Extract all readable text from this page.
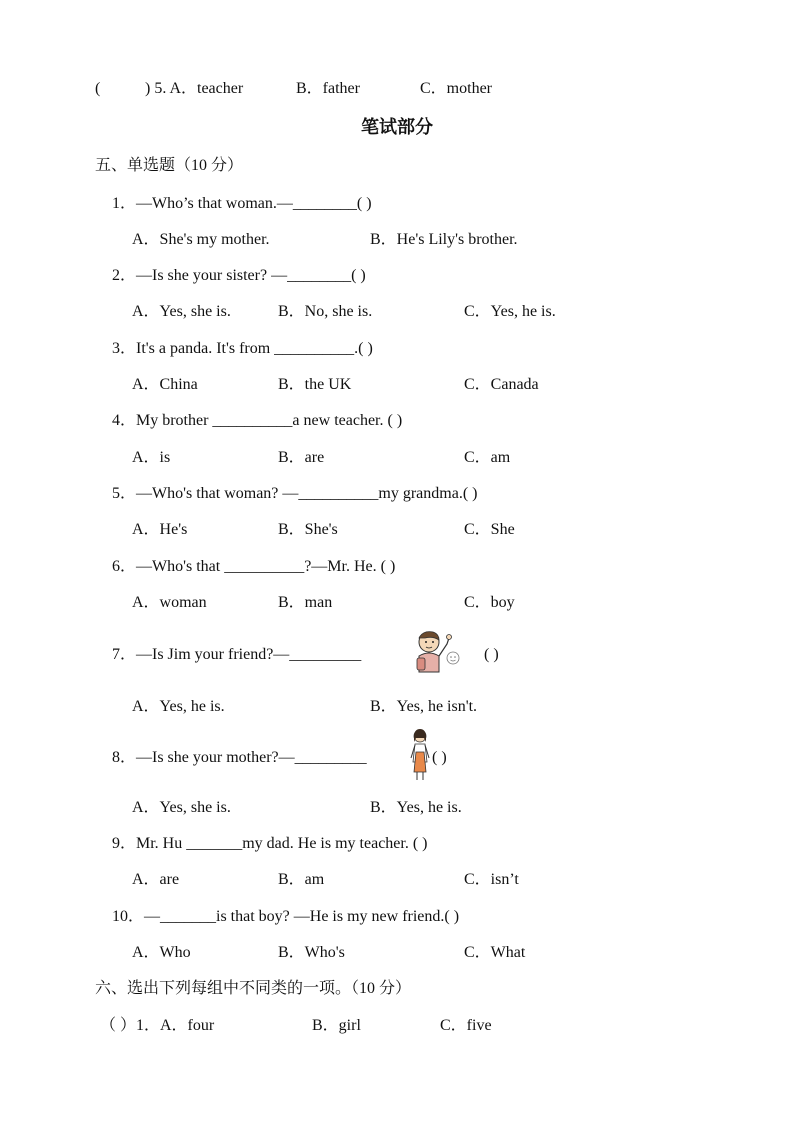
(	) 5. A．teacher	B．father	C．mother
笔试部分
五、单选题（10 分）
1．—Who’s that woman.—________( )
A．She's my mother.	B．He's Lily's brother.
2．—Is she your sister? —________( )
A．Yes, she is.	B．No, she is.	C．Yes, he is.
3．It's a panda. It's from __________.( )
A．China	B．the UK	C．Canada
4．My brother __________a new teacher. ( )
A．is	B．are	C．am
5．—Who's that woman? —__________my grandma.( )
A．He's	B．She's	C．She
6．—Who's that __________?—Mr. He. ( )
A．woman	B．man	C．boy
7．—Is Jim your friend?—_________	( )
A．Yes, he is.	B．Yes, he isn't.
8．—Is she your mother?—_________	( )
A．Yes, she is.	B．Yes, he is.
9．Mr. Hu _______my dad. He is my teacher. ( )
A．are	B．am	C．isn’t
10．—_______is that boy? —He is my new friend.( )
A．Who	B．Who's	C．What
六、选出下列每组中不同类的一项。（10 分）
（ ）1．A．four	B．girl	C．five
